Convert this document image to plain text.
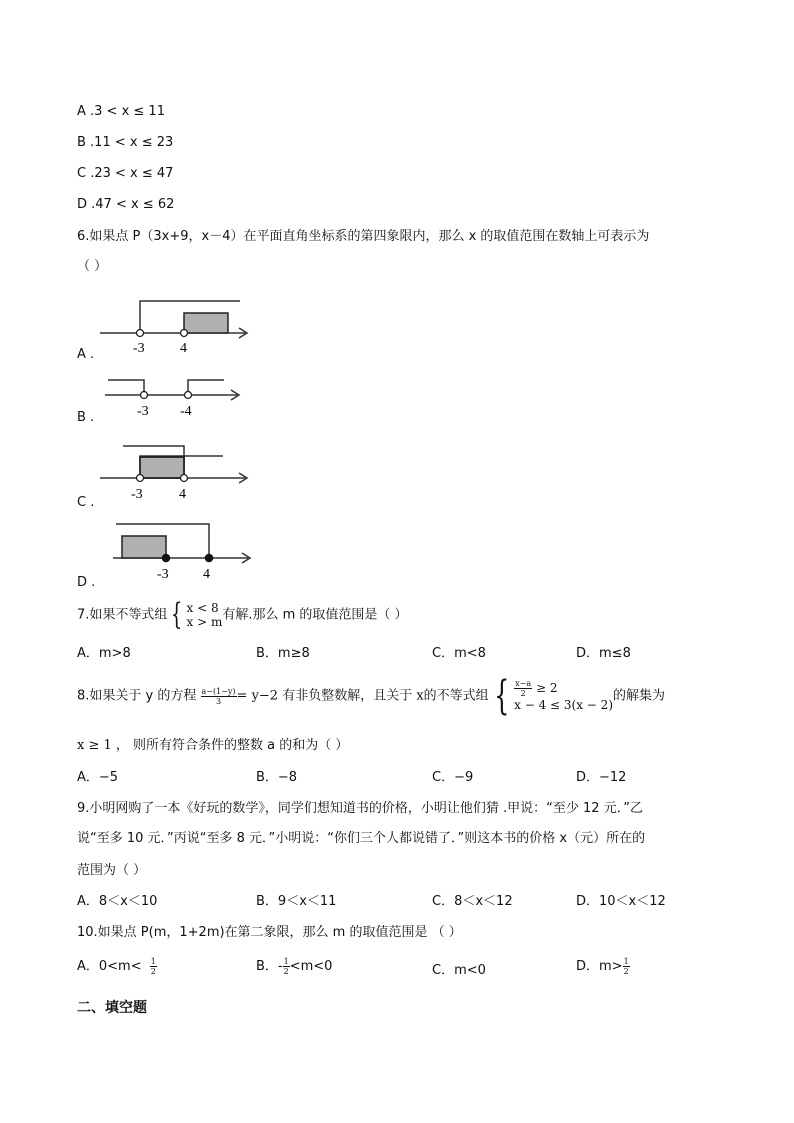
A .3 < x ≤ 11
B .11 < x ≤ 23
C .23 < x ≤ 47
D .47 < x ≤ 62
6.如果点 P（3x+9，x－4）在平面直角坐标系的第四象限内，那么 x 的取值范围在数轴上可表示为
（ ）
A .	-3	4
B .	-3 -4
C .
-3	4
D .
-3 4
7.如果不等式组 { x < 8
x > m 有解.那么 m 的取值范围是（ ）
A．m>8	B．m≥8	C．m<8	D．m≤8
8.如果关于 y 的方程 $\frac{a-(1-y)}{3} = y-2$ 有非负整数解，且关于 x的不等式组 { $\frac{x-a}{2} \ge 2$
x − 4 ≤ 3(x − 2)
的解集为
x ≥ 1 ， 则所有符合条件的整数 a 的和为（ ）
A．−5	B．−8	C．−9	D．−12
9.小明网购了一本《好玩的数学》，同学们想知道书的价格，小明让他们猜 .甲说：“至少 12 元．”乙
说“至多 10 元．”丙说“至多 8 元．”小明说：“你们三个人都说错了．”则这本书的价格 x（元）所在的
范围为（ ）
A．8＜x＜10	B．9＜x＜11	C．8＜x＜12	D．10＜x＜12
10.如果点 P(m，1+2m)在第二象限，那么 m 的取值范围是 （ ）
A．$0<m< \frac{1}{2}$	B．- $\frac{1}{2} <m<0$	C．m<0	D．$m> \frac{1}{2}$
二、填空题
